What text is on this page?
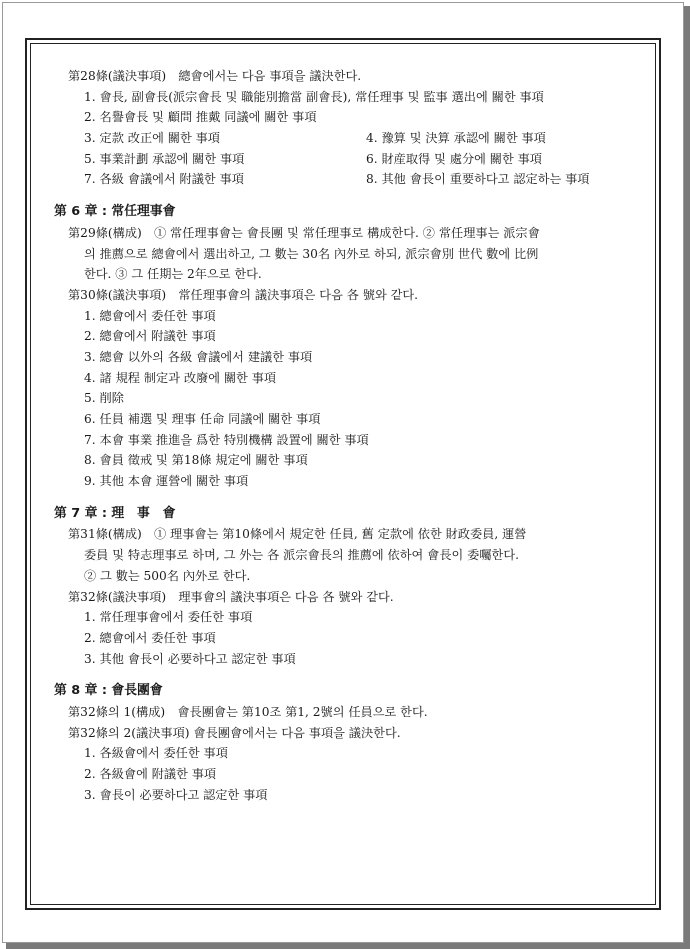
第28條(議決事項)　總會에서는 다음 事項을 議決한다.
1. 會長, 副會長(派宗會長 및 職能別擔當 副會長), 常任理事 및 監事 選出에 關한 事項
2. 名譽會長 및 顧問 推戴 同議에 關한 事項
3. 定款 改正에 關한 事項	4. 豫算 및 決算 承認에 關한 事項
5. 事業計劃 承認에 關한 事項	6. 財産取得 및 處分에 關한 事項
7. 各級 會議에서 附議한 事項	8. 其他 會長이 重要하다고 認定하는 事項
第 6 章 : 常任理事會
第29條(構成)　① 常任理事會는 會長團 및 常任理事로 構成한다. ② 常任理事는 派宗會
의 推薦으로 總會에서 選出하고, 그 數는 30名 內外로 하되, 派宗會別 世代 數에 比例
한다. ③ 그 任期는 2年으로 한다.
第30條(議決事項)　常任理事會의 議決事項은 다음 各 號와 같다.
1. 總會에서 委任한 事項
2. 總會에서 附議한 事項
3. 總會 以外의 各級 會議에서 建議한 事項
4. 諸 規程 制定과 改廢에 關한 事項
5. 削除
6. 任員 補選 및 理事 任命 同議에 關한 事項
7. 本會 事業 推進을 爲한 特別機構 設置에 關한 事項
8. 會員 徵戒 및 第18條 規定에 關한 事項
9. 其他 本會 運營에 關한 事項
第 7 章 : 理　事　會
第31條(構成)　① 理事會는 第10條에서 規定한 任員, 舊 定款에 依한 財政委員, 運營
委員 및 特志理事로 하며, 그 外는 各 派宗會長의 推薦에 依하여 會長이 委囑한다.
② 그 數는 500名 內外로 한다.
第32條(議決事項)　理事會의 議決事項은 다음 各 號와 같다.
1. 常任理事會에서 委任한 事項
2. 總會에서 委任한 事項
3. 其他 會長이 必要하다고 認定한 事項
第 8 章 : 會長團會
第32條의 1(構成)　會長團會는 第10조 第1, 2號의 任員으로 한다.
第32條의 2(議決事項) 會長團會에서는 다음 事項을 議決한다.
1. 各級會에서 委任한 事項
2. 各級會에 附議한 事項
3. 會長이 必要하다고 認定한 事項
